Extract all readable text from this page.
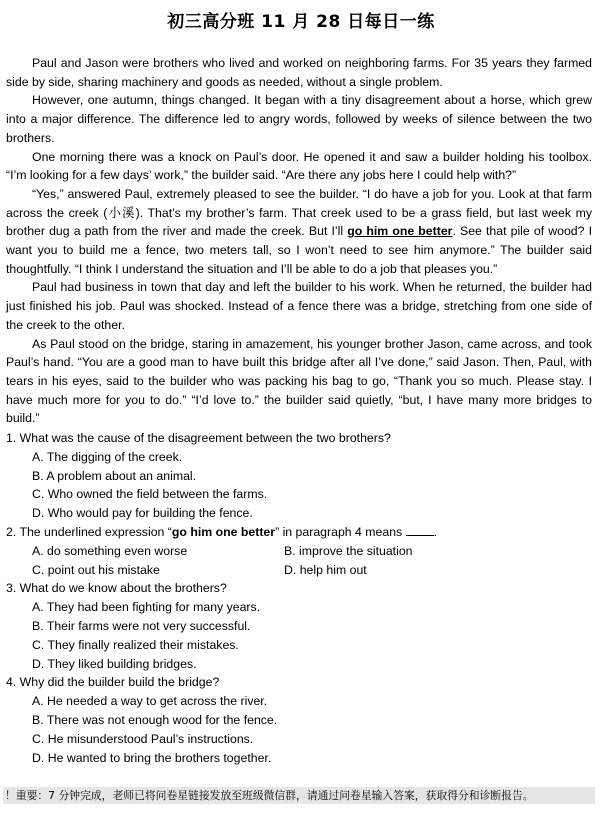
初三高分班 11 月 28 日每日一练

Paul and Jason were brothers who lived and worked on neighboring farms. For 35 years they farmed side by side, sharing machinery and goods as needed, without a single problem.

However, one autumn, things changed. It began with a tiny disagreement about a horse, which grew into a major difference. The difference led to angry words, followed by weeks of silence between the two brothers.

One morning there was a knock on Paul’s door. He opened it and saw a builder holding his toolbox. “I’m looking for a few days’ work,” the builder said. “Are there any jobs here I could help with?”

“Yes,” answered Paul, extremely pleased to see the builder. “I do have a job for you. Look at that farm across the creek (小溪). That’s my brother’s farm. That creek used to be a grass field, but last week my brother dug a path from the river and made the creek. But I’ll go him one better. See that pile of wood? I want you to build me a fence, two meters tall, so I won’t need to see him anymore.” The builder said thoughtfully. “I think I understand the situation and I’ll be able to do a job that pleases you.”

Paul had business in town that day and left the builder to his work. When he returned, the builder had just finished his job. Paul was shocked. Instead of a fence there was a bridge, stretching from one side of the creek to the other.

As Paul stood on the bridge, staring in amazement, his younger brother Jason, came across, and took Paul’s hand. “You are a good man to have built this bridge after all I’ve done,” said Jason. Then, Paul, with tears in his eyes, said to the builder who was packing his bag to go, “Thank you so much. Please stay. I have much more for you to do.” “I’d love to.” the builder said quietly, “but, I have many more bridges to build.”

1. What was the cause of the disagreement between the two brothers?
A. The digging of the creek.
B. A problem about an animal.
C. Who owned the field between the farms.
D. Who would pay for building the fence.
2. The underlined expression “go him one better” in paragraph 4 means .
A. do something even worse	B. improve the situation
C. point out his mistake	D. help him out
3. What do we know about the brothers?
A. They had been fighting for many years.
B. Their farms were not very successful.
C. They finally realized their mistakes.
D. They liked building bridges.
4. Why did the builder build the bridge?
A. He needed a way to get across the river.
B. There was not enough wood for the fence.
C. He misunderstood Paul’s instructions.
D. He wanted to bring the brothers together.
！重要：7 分钟完成，老师已将问卷星链接发放至班级微信群，请通过问卷星输入答案，获取得分和诊断报告。
